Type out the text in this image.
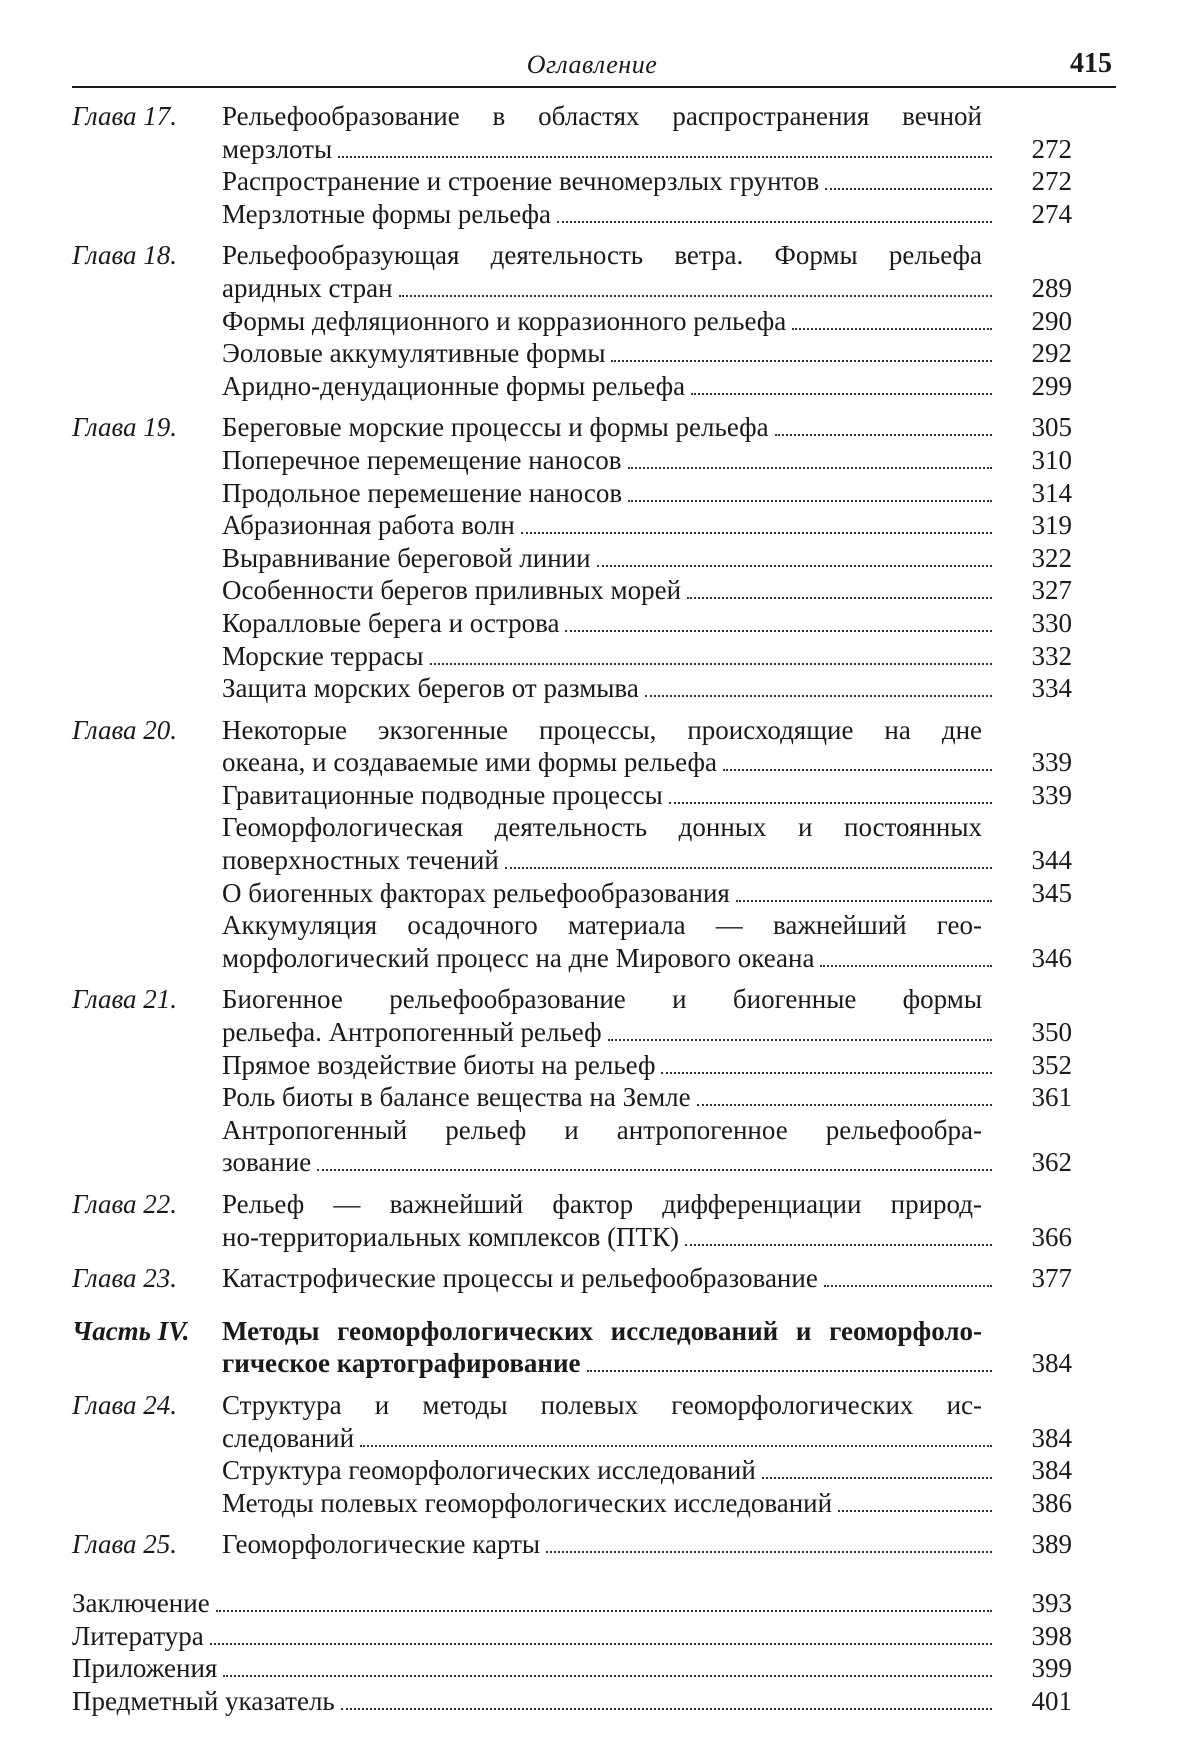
Оглавление	415
Глава 17.	Рельефообразование в областях распространения вечной
мерзлоты	272
Распространение и строение вечномерзлых грунтов	272
Мерзлотные формы рельефа	274
Глава 18.	Рельефообразующая деятельность ветра. Формы рельефа
аридных стран	289
Формы дефляционного и корразионного рельефа	290
Эоловые аккумулятивные формы	292
Аридно-денудационные формы рельефа	299
Глава 19.	Береговые морские процессы и формы рельефа	305
Поперечное перемещение наносов	310
Продольное перемешение наносов	314
Абразионная работа волн	319
Выравнивание береговой линии	322
Особенности берегов приливных морей	327
Коралловые берега и острова	330
Морские террасы	332
Защита морских берегов от размыва	334
Глава 20.	Некоторые экзогенные процессы, происходящие на дне
океана, и создаваемые ими формы рельефа	339
Гравитационные подводные процессы	339
Геоморфологическая деятельность донных и постоянных
поверхностных течений	344
О биогенных факторах рельефообразования	345
Аккумуляция осадочного материала — важнейший гео-
морфологический процесс на дне Мирового океана	346
Глава 21.	Биогенное рельефообразование и биогенные формы
рельефа. Антропогенный рельеф	350
Прямое воздействие биоты на рельеф	352
Роль биоты в балансе вещества на Земле	361
Антропогенный рельеф и антропогенное рельефообра-
зование	362
Глава 22.	Рельеф — важнейший фактор дифференциации природ-
но-территориальных комплексов (ПТК)	366
Глава 23.	Катастрофические процессы и рельефообразование	377
Часть IV.	Методы геоморфологических исследований и геоморфоло-
гическое картографирование	384
Глава 24.	Структура и методы полевых геоморфологических ис-
следований	384
Структура геоморфологических исследований	384
Методы полевых геоморфологических исследований	386
Глава 25.	Геоморфологические карты	389
Заключение	393
Литература	398
Приложения	399
Предметный указатель	401
